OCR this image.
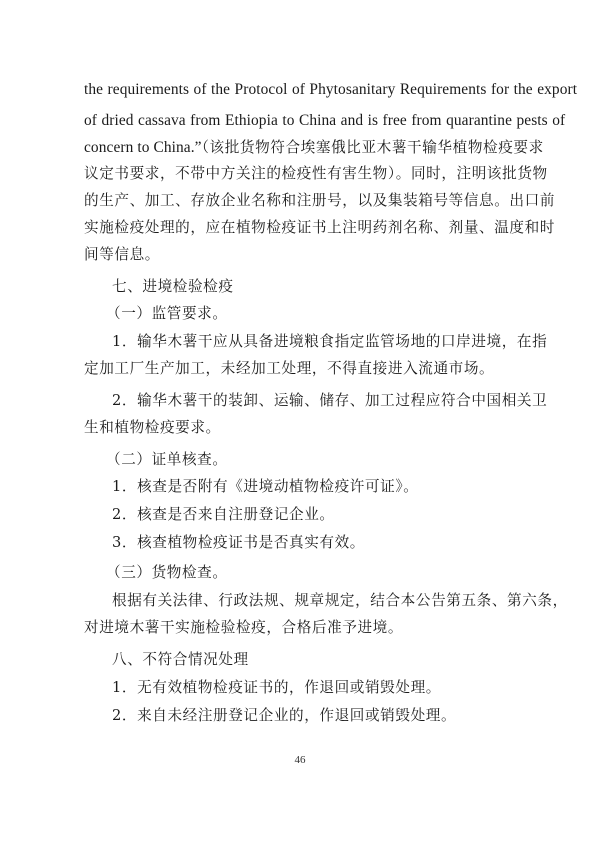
the requirements of the Protocol of Phytosanitary Requirements for the export
of dried cassava from Ethiopia to China and is free from quarantine pests of
concern to China.”（该批货物符合埃塞俄比亚木薯干输华植物检疫要求
议定书要求，不带中方关注的检疫性有害生物）。同时，注明该批货物
的生产、加工、存放企业名称和注册号，以及集装箱号等信息。出口前
实施检疫处理的，应在植物检疫证书上注明药剂名称、剂量、温度和时
间等信息。
七、进境检验检疫
（一）监管要求。
1．输华木薯干应从具备进境粮食指定监管场地的口岸进境，在指
定加工厂生产加工，未经加工处理，不得直接进入流通市场。
2．输华木薯干的装卸、运输、储存、加工过程应符合中国相关卫
生和植物检疫要求。
（二）证单核查。
1．核查是否附有《进境动植物检疫许可证》。
2．核查是否来自注册登记企业。
3．核查植物检疫证书是否真实有效。
（三）货物检查。
根据有关法律、行政法规、规章规定，结合本公告第五条、第六条，
对进境木薯干实施检验检疫，合格后准予进境。
八、不符合情况处理
1．无有效植物检疫证书的，作退回或销毁处理。
2．来自未经注册登记企业的，作退回或销毁处理。
46
